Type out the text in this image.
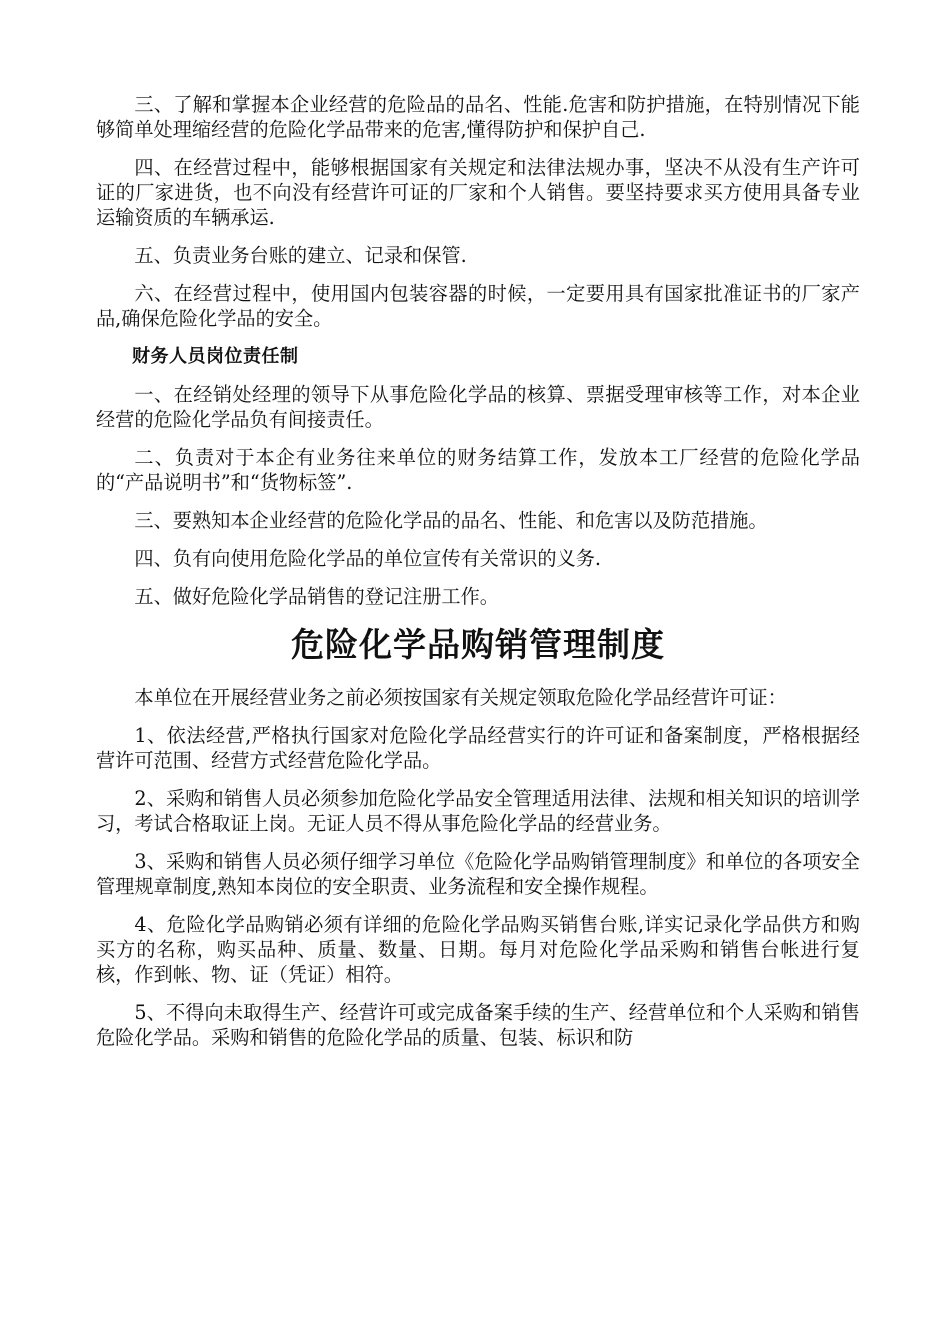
三、了解和掌握本企业经营的危险品的品名、性能.危害和防护措施，在特别情况下能够简单处理缩经营的危险化学品带来的危害,懂得防护和保护自己.

四、在经营过程中，能够根据国家有关规定和法律法规办事，坚决不从没有生产许可证的厂家进货，也不向没有经营许可证的厂家和个人销售。要坚持要求买方使用具备专业运输资质的车辆承运.

五、负责业务台账的建立、记录和保管.

六、在经营过程中，使用国内包装容器的时候，一定要用具有国家批准证书的厂家产品,确保危险化学品的安全。

财务人员岗位责任制

一、在经销处经理的领导下从事危险化学品的核算、票据受理审核等工作，对本企业经营的危险化学品负有间接责任。

二、负责对于本企有业务往来单位的财务结算工作，发放本工厂经营的危险化学品的“产品说明书”和“货物标签”.

三、要熟知本企业经营的危险化学品的品名、性能、和危害以及防范措施。

四、负有向使用危险化学品的单位宣传有关常识的义务.

五、做好危险化学品销售的登记注册工作。

危险化学品购销管理制度

本单位在开展经营业务之前必须按国家有关规定领取危险化学品经营许可证：

1、依法经营,严格执行国家对危险化学品经营实行的许可证和备案制度，严格根据经营许可范围、经营方式经营危险化学品。

2、采购和销售人员必须参加危险化学品安全管理适用法律、法规和相关知识的培训学习，考试合格取证上岗。无证人员不得从事危险化学品的经营业务。

3、采购和销售人员必须仔细学习单位《危险化学品购销管理制度》和单位的各项安全管理规章制度,熟知本岗位的安全职责、业务流程和安全操作规程。

4、危险化学品购销必须有详细的危险化学品购买销售台账,详实记录化学品供方和购买方的名称，购买品种、质量、数量、日期。每月对危险化学品采购和销售台帐进行复核，作到帐、物、证（凭证）相符。

5、不得向未取得生产、经营许可或完成备案手续的生产、经营单位和个人采购和销售危险化学品。采购和销售的危险化学品的质量、包装、标识和防
